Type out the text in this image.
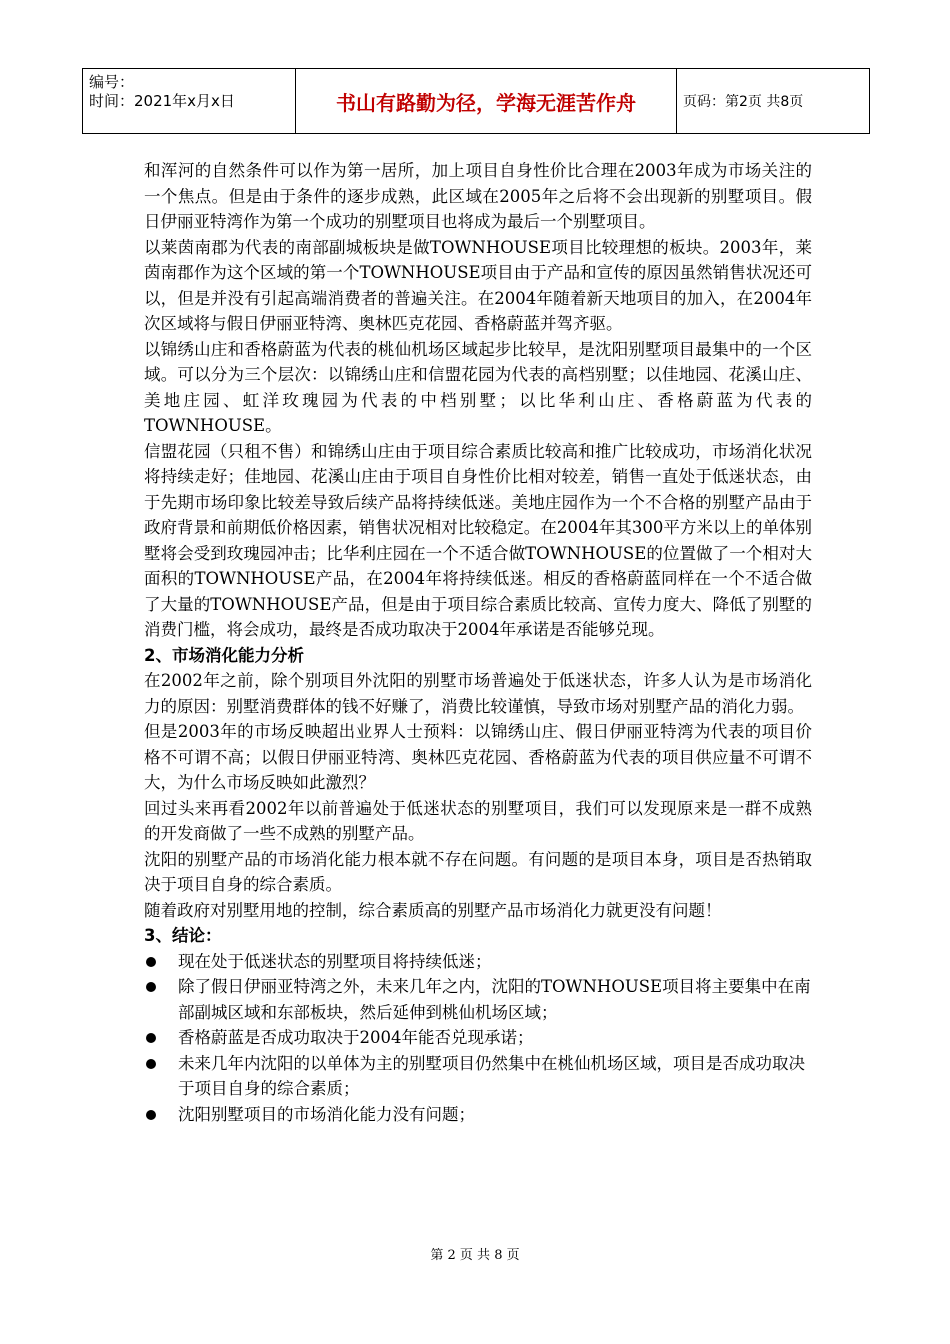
编号：
时间：2021年x月x日	书山有路勤为径，学海无涯苦作舟	页码：第2页 共8页

和浑河的自然条件可以作为第一居所，加上项目自身性价比合理在2003年成为市场关注的一个焦点。但是由于条件的逐步成熟，此区域在2005年之后将不会出现新的别墅项目。假日伊丽亚特湾作为第一个成功的别墅项目也将成为最后一个别墅项目。

以莱茵南郡为代表的南部副城板块是做TOWNHOUSE项目比较理想的板块。2003年，莱茵南郡作为这个区域的第一个TOWNHOUSE项目由于产品和宣传的原因虽然销售状况还可以，但是并没有引起高端消费者的普遍关注。在2004年随着新天地项目的加入，在2004年次区域将与假日伊丽亚特湾、奥林匹克花园、香格蔚蓝并驾齐驱。

以锦绣山庄和香格蔚蓝为代表的桃仙机场区域起步比较早，是沈阳别墅项目最集中的一个区域。可以分为三个层次：以锦绣山庄和信盟花园为代表的高档别墅；以佳地园、花溪山庄、美地庄园、虹洋玫瑰园为代表的中档别墅；以比华利山庄、香格蔚蓝为代表的TOWNHOUSE。

信盟花园（只租不售）和锦绣山庄由于项目综合素质比较高和推广比较成功，市场消化状况将持续走好；佳地园、花溪山庄由于项目自身性价比相对较差，销售一直处于低迷状态，由于先期市场印象比较差导致后续产品将持续低迷。美地庄园作为一个不合格的别墅产品由于政府背景和前期低价格因素，销售状况相对比较稳定。在2004年其300平方米以上的单体别墅将会受到玫瑰园冲击；比华利庄园在一个不适合做TOWNHOUSE的位置做了一个相对大面积的TOWNHOUSE产品，在2004年将持续低迷。相反的香格蔚蓝同样在一个不适合做了大量的TOWNHOUSE产品，但是由于项目综合素质比较高、宣传力度大、降低了别墅的消费门槛，将会成功，最终是否成功取决于2004年承诺是否能够兑现。

2、市场消化能力分析

在2002年之前，除个别项目外沈阳的别墅市场普遍处于低迷状态，许多人认为是市场消化力的原因：别墅消费群体的钱不好赚了，消费比较谨慎，导致市场对别墅产品的消化力弱。

但是2003年的市场反映超出业界人士预料：以锦绣山庄、假日伊丽亚特湾为代表的项目价格不可谓不高；以假日伊丽亚特湾、奥林匹克花园、香格蔚蓝为代表的项目供应量不可谓不大，为什么市场反映如此激烈？

回过头来再看2002年以前普遍处于低迷状态的别墅项目，我们可以发现原来是一群不成熟的开发商做了一些不成熟的别墅产品。

沈阳的别墅产品的市场消化能力根本就不存在问题。有问题的是项目本身，项目是否热销取决于项目自身的综合素质。

随着政府对别墅用地的控制，综合素质高的别墅产品市场消化力就更没有问题！

3、结论：
现在处于低迷状态的别墅项目将持续低迷；
除了假日伊丽亚特湾之外，未来几年之内，沈阳的TOWNHOUSE项目将主要集中在南部副城区域和东部板块，然后延伸到桃仙机场区域；
香格蔚蓝是否成功取决于2004年能否兑现承诺；
未来几年内沈阳的以单体为主的别墅项目仍然集中在桃仙机场区域，项目是否成功取决于项目自身的综合素质；
沈阳别墅项目的市场消化能力没有问题；
第 2 页 共 8 页
